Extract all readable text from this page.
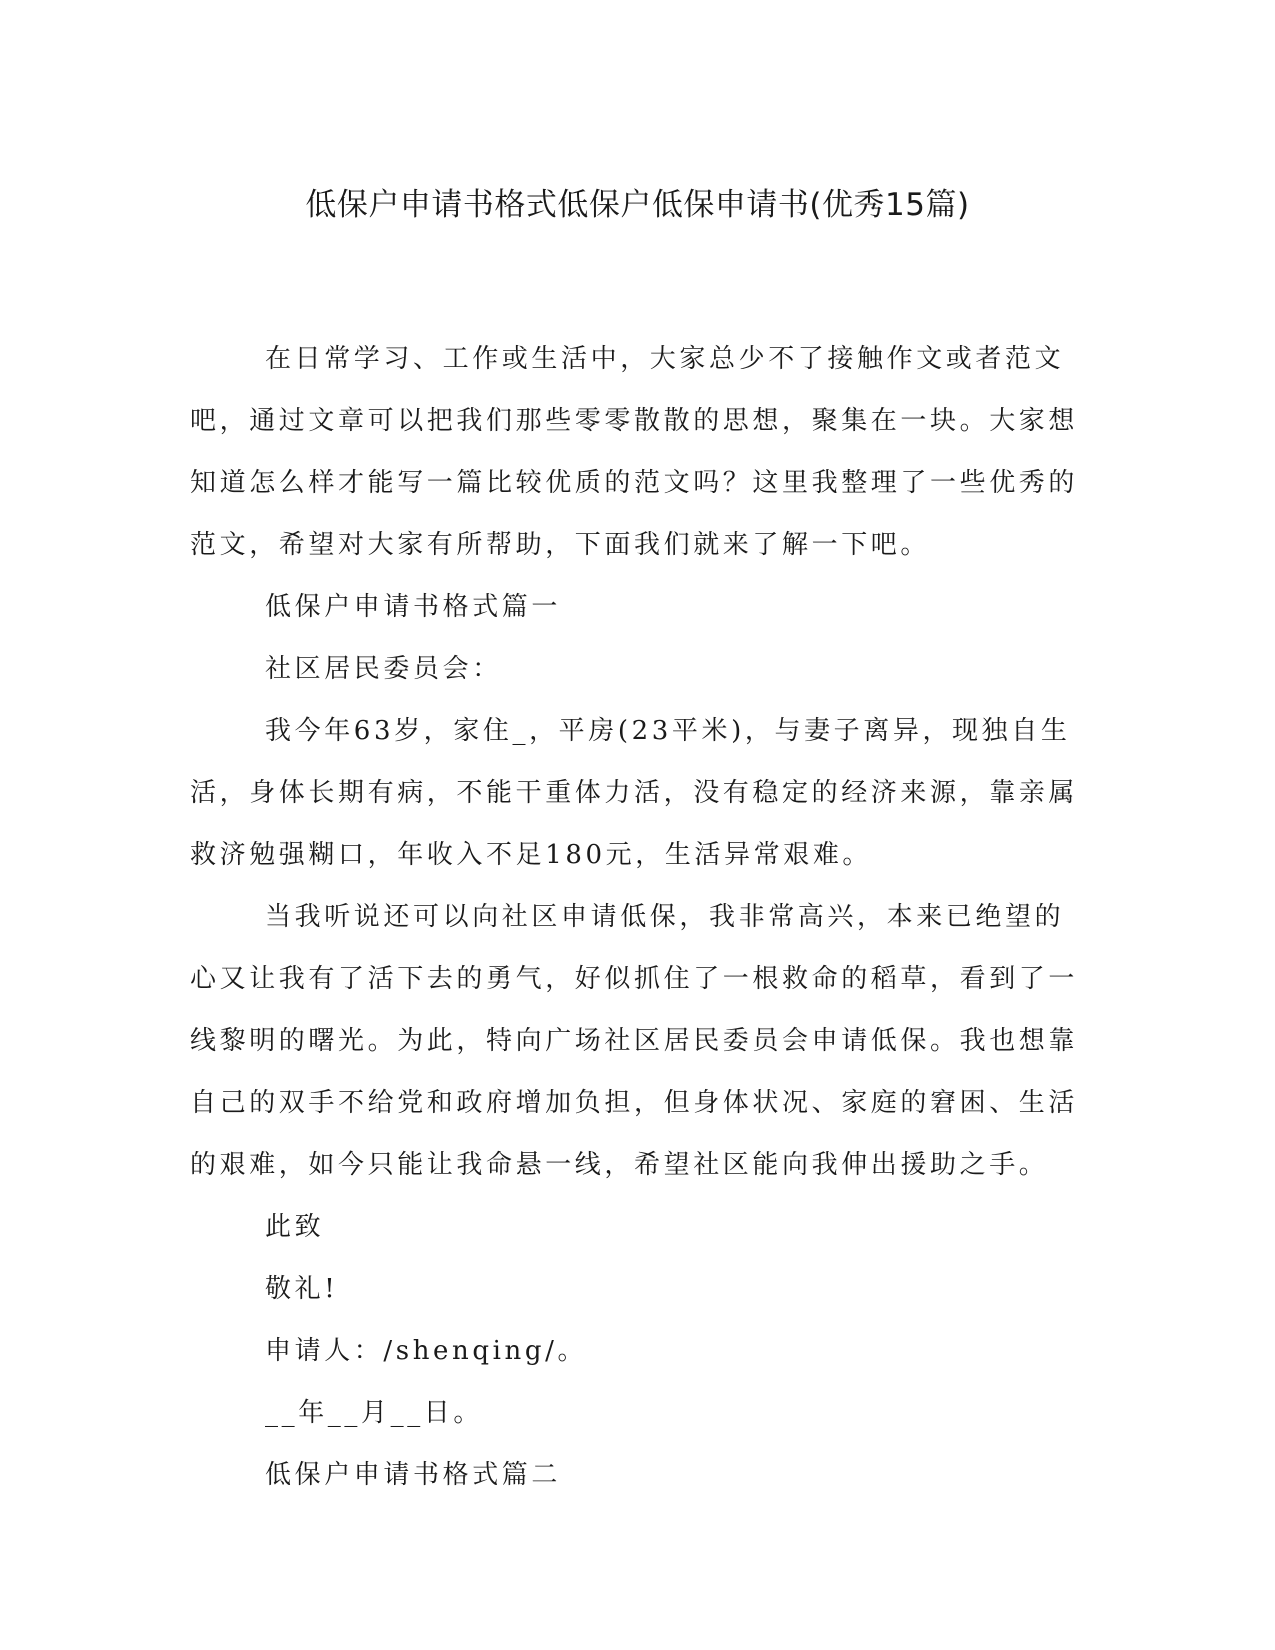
低保户申请书格式低保户低保申请书(优秀15篇)

在日常学习、工作或生活中，大家总少不了接触作文或者范文吧，通过文章可以把我们那些零零散散的思想，聚集在一块。大家想知道怎么样才能写一篇比较优质的范文吗？这里我整理了一些优秀的范文，希望对大家有所帮助，下面我们就来了解一下吧。

低保户申请书格式篇一

社区居民委员会：

我今年63岁，家住_，平房(23平米)，与妻子离异，现独自生活，身体长期有病，不能干重体力活，没有稳定的经济来源，靠亲属救济勉强糊口，年收入不足180元，生活异常艰难。

当我听说还可以向社区申请低保，我非常高兴，本来已绝望的心又让我有了活下去的勇气，好似抓住了一根救命的稻草，看到了一线黎明的曙光。为此，特向广场社区居民委员会申请低保。我也想靠自己的双手不给党和政府增加负担，但身体状况、家庭的窘困、生活的艰难，如今只能让我命悬一线，希望社区能向我伸出援助之手。

此致

敬礼!

申请人：/shenqing/。

__年__月__日。

低保户申请书格式篇二
